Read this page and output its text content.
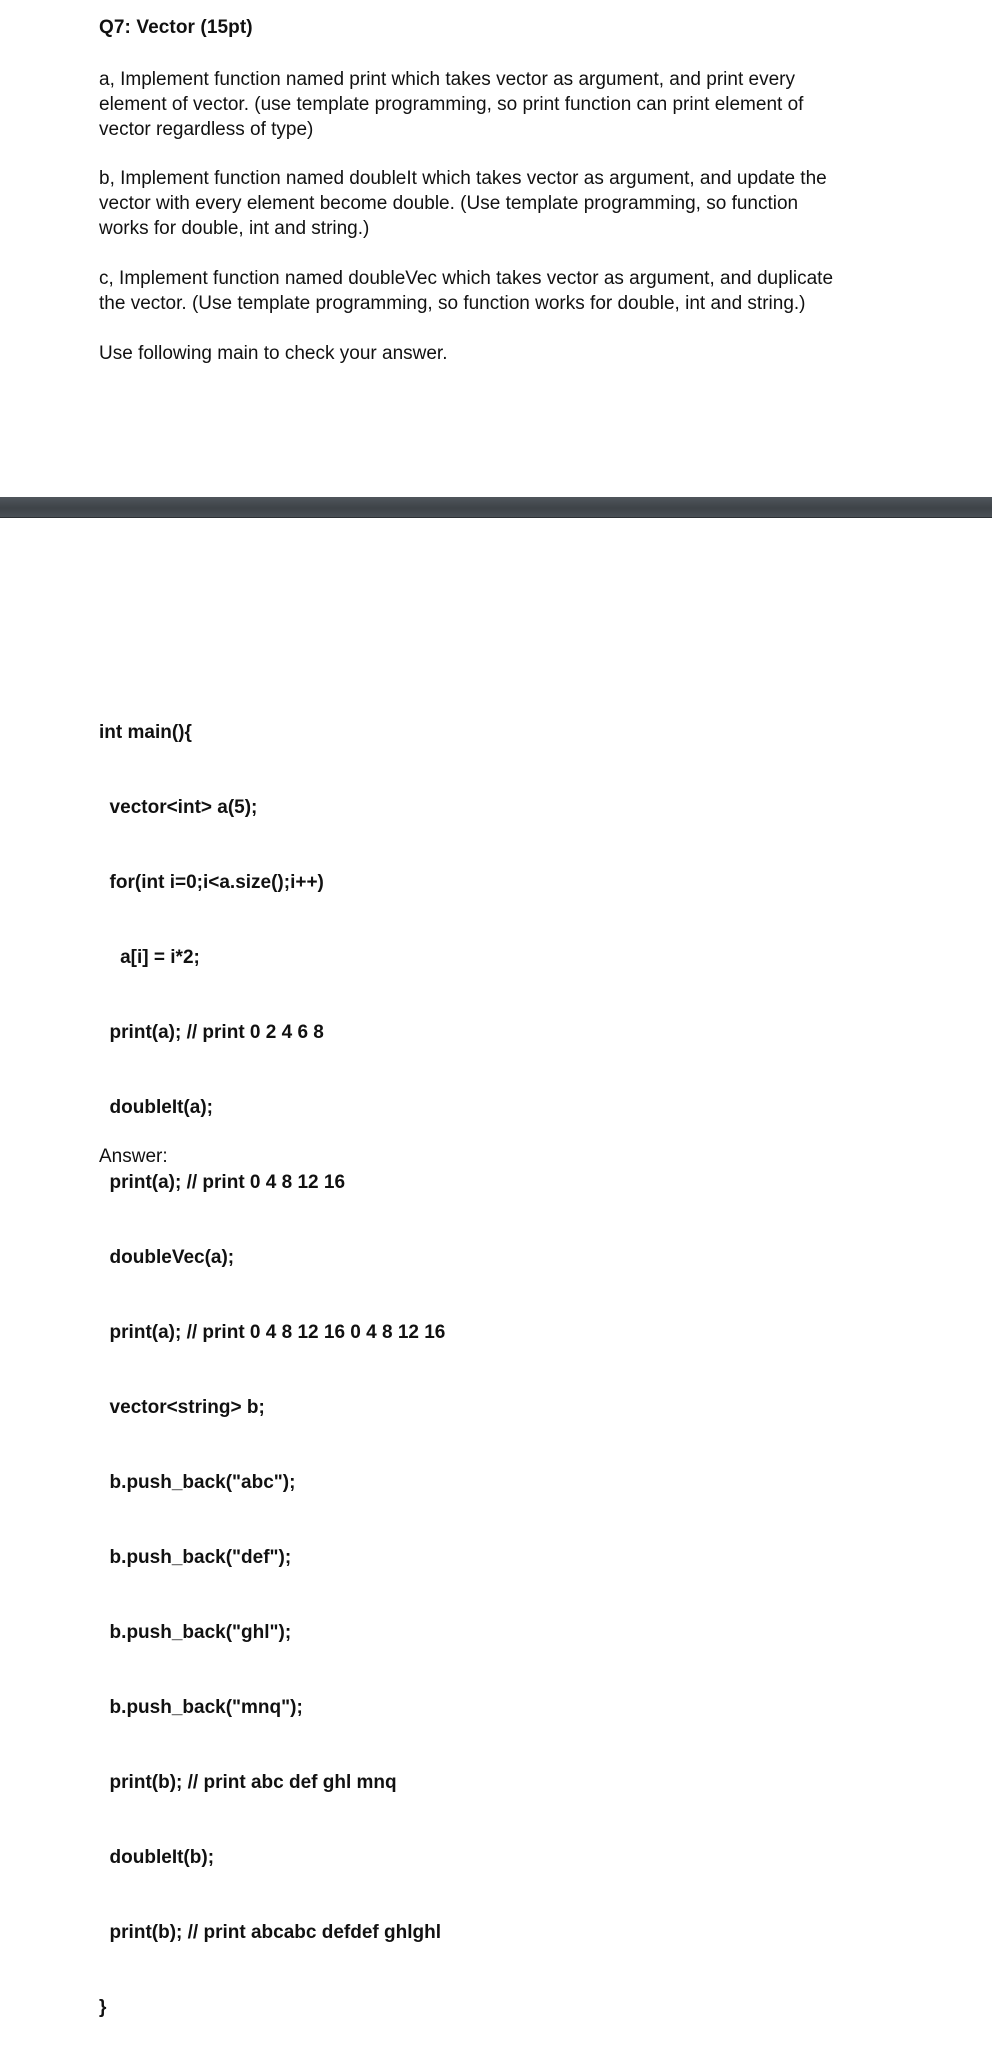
Q7: Vector (15pt)
a, Implement function named print which takes vector as argument, and print every
element of vector. (use template programming, so print function can print element of
vector regardless of type)
b, Implement function named doubleIt which takes vector as argument, and update the
vector with every element become double. (Use template programming, so function
works for double, int and string.)
c, Implement function named doubleVec which takes vector as argument, and duplicate
the vector. (Use template programming, so function works for double, int and string.)
Use following main to check your answer.

int main(){

vector<int> a(5);

for(int i=0;i<a.size();i++)

a[i] = i*2;

print(a); // print 0 2 4 6 8

doubleIt(a);

print(a); // print 0 4 8 12 16

doubleVec(a);

print(a); // print 0 4 8 12 16 0 4 8 12 16

vector<string> b;

b.push_back("abc");

b.push_back("def");

b.push_back("ghl");

b.push_back("mnq");

print(b); // print abc def ghl mnq

doubleIt(b);

print(b); // print abcabc defdef ghlghl

}

Answer:
